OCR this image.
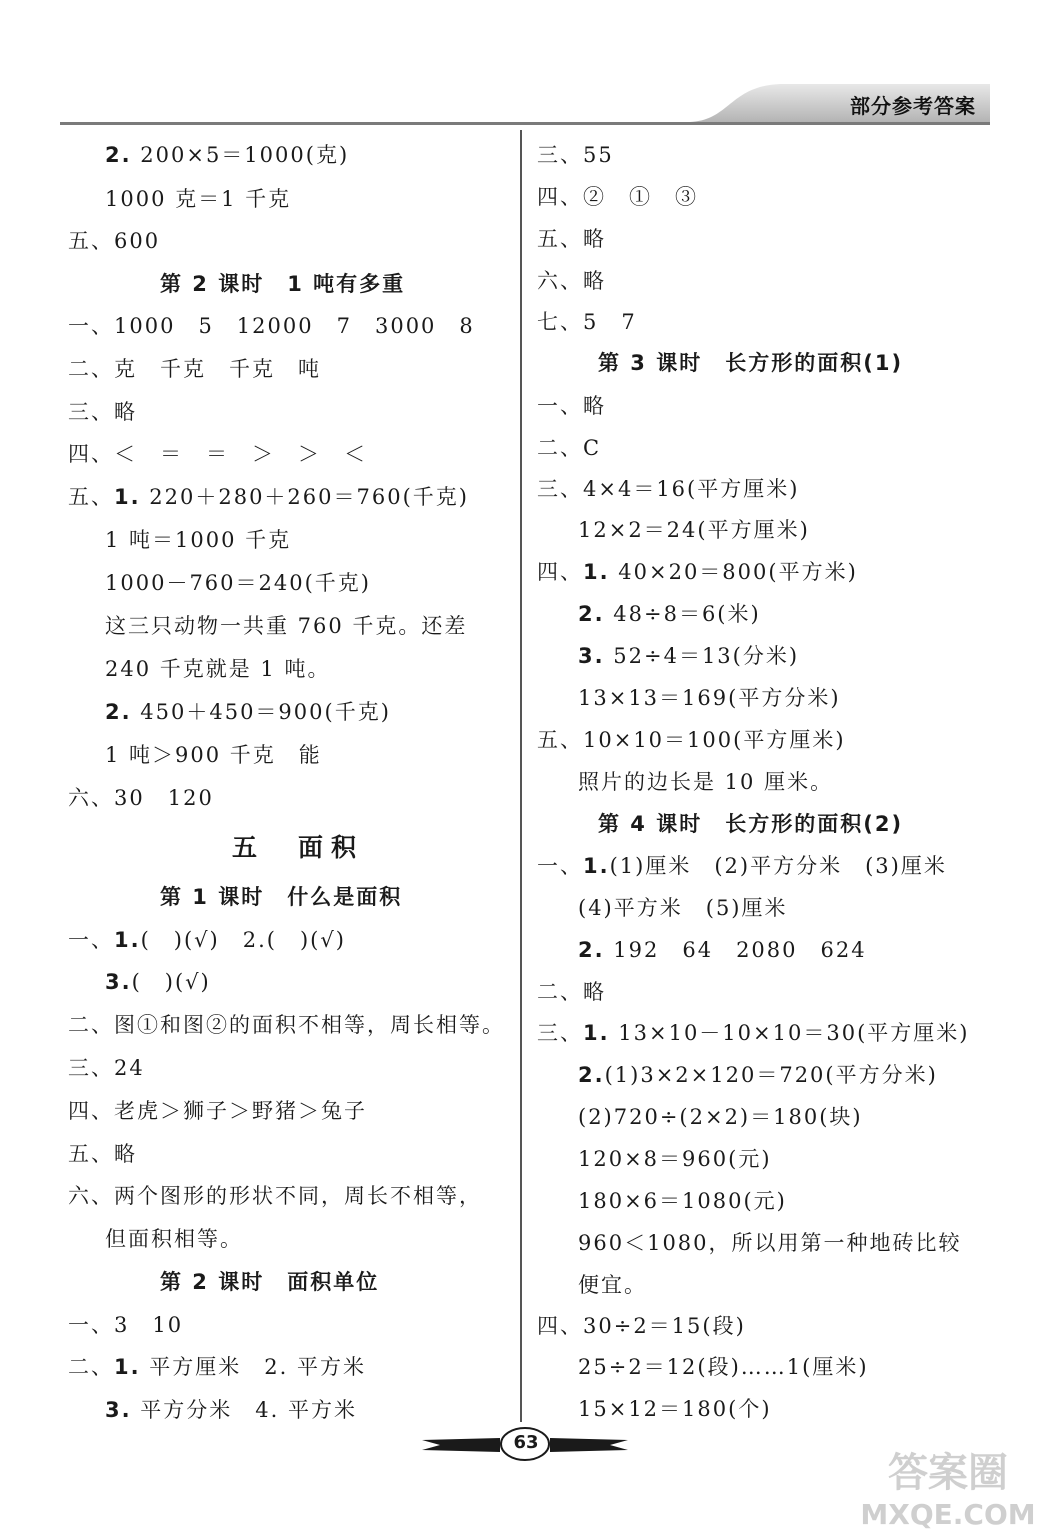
部分参考答案
2. 200×5＝1000(克)
1000 克＝1 千克
五、600
第 2 课时　1 吨有多重
一、1000　5　12000　7　3000　8
二、克　千克　千克　吨
三、略
四、＜　＝　＝　＞　＞　＜
五、1. 220＋280＋260＝760(千克)
1 吨＝1000 千克
1000－760＝240(千克)
这三只动物一共重 760 千克。还差
240 千克就是 1 吨。
2. 450＋450＝900(千克)
1 吨＞900 千克　能
六、30　120
五　面积
第 1 课时　什么是面积
一、1.(　)(√)　2.(　)(√)
3.(　)(√)
二、图①和图②的面积不相等，周长相等。
三、24
四、老虎＞狮子＞野猪＞兔子
五、略
六、两个图形的形状不同，周长不相等，
但面积相等。
第 2 课时　面积单位
一、3　10
二、1. 平方厘米　2. 平方米
3. 平方分米　4. 平方米
三、55
四、②　①　③
五、略
六、略
七、5　7
第 3 课时　长方形的面积(1)
一、略
二、C
三、4×4＝16(平方厘米)
12×2＝24(平方厘米)
四、1. 40×20＝800(平方米)
2. 48÷8＝6(米)
3. 52÷4＝13(分米)
13×13＝169(平方分米)
五、10×10＝100(平方厘米)
照片的边长是 10 厘米。
第 4 课时　长方形的面积(2)
一、1.(1)厘米　(2)平方分米　(3)厘米
(4)平方米　(5)厘米
2. 192　64　2080　624
二、略
三、1. 13×10－10×10＝30(平方厘米)
2.(1)3×2×120＝720(平方分米)
(2)720÷(2×2)＝180(块)
120×8＝960(元)
180×6＝1080(元)
960＜1080，所以用第一种地砖比较
便宜。
四、30÷2＝15(段)
25÷2＝12(段)……1(厘米)
15×12＝180(个)
63
答案圈
MXQE.COM
